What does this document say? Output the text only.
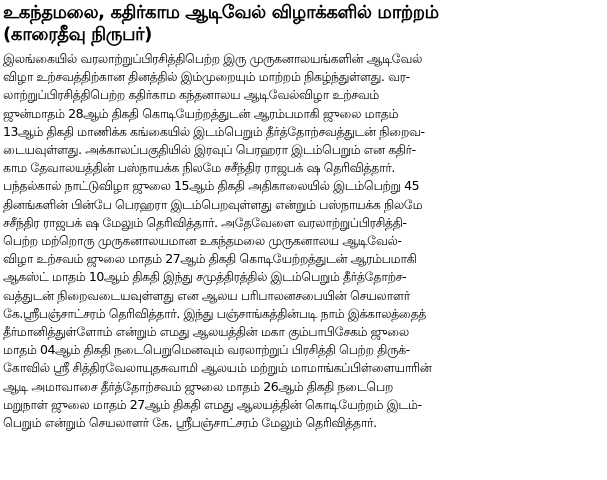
உகந்தமலை, கதிர்காம ஆடிவேல் விழாக்களில் மாற்றம்
(காரைதீவு நிருபர்)
இலங்கையில் வரலாற்றுப்பிரசித்திபெற்ற இரு முருகனாலயங்களின் ஆடிவேல்
விழா உற்சவத்திற்கான தினத்தில் இம்முறையும் மாற்றம் நிகழ்ந்துள்ளது. வர-
லாற்றுப்பிரசித்திபெற்ற கதிர்காம கந்தனாலய ஆடிவேல்விழா உற்சவம்
ஜுன்மாதம் 28ஆம் திகதி கொடியேற்றத்துடன் ஆரம்பமாகி ஜுலை மாதம்
13ஆம் திகதி மாணிக்க கங்கையில் இடம்பெறும் தீர்த்தோற்சவத்துடன் நிறைவ-
டையவுள்ளது. அக்காலப்பகுதியில் இரவுப் பெரஹரா இடம்பெறும் என கதிர்-
காம தேவாலயத்தின் பஸ்நாயக்க நிலமே சசீந்திர ராஜபக் ஷ தெரிவித்தார்.
பந்தல்கால் நாட்டுவிழா ஜுலை 15ஆம் திகதி அதிகாலையில் இடம்பெற்று 45
தினங்களின் பின்பே பெரஹரா இடம்பெறவுள்ளது என்றும் பஸ்நாயக்க நிலமே
சசீந்திர ராஜபக் ஷ மேலும் தெரிவித்தார். அதேவேளை வரலாற்றுப்பிரசித்தி-
பெற்ற மற்றொரு முருகனாலயமான உகந்தமலை முருகனாலய ஆடிவேல்-
விழா உற்சவம் ஜுலை மாதம் 27ஆம் திகதி கொடியேற்றத்துடன் ஆரம்பமாகி
ஆகஸ்ட் மாதம் 10ஆம் திகதி இந்து சமுத்திரத்தில் இடம்பெறும் தீர்த்தோற்ச-
வத்துடன் நிறைவடையவுள்ளது என ஆலய பரிபாலனசபையின் செயலாளர்
கே.ஸ்ரீபஞ்சாட்சரம் தெரிவித்தார். இந்து பஞ்சாங்கத்தின்படி நாம் இக்காலத்தைத்
தீர்மானித்துள்ளோம் என்றும் எமது ஆலயத்தின் மகா கும்பாபிசேகம் ஜுலை
மாதம் 04ஆம் திகதி நடைபெறுமெனவும் வரலாற்றுப் பிரசித்தி பெற்ற திருக்-
கோவில் ஸ்ரீ சித்திரவேலாயுதசுவாமி ஆலயம் மற்றும் மாமாங்கப்பிள்ளையாரின்
ஆடி அமாவாசை தீர்த்தோற்சவம் ஜுலை மாதம் 26ஆம் திகதி நடைபெற
மறுநாள் ஜுலை மாதம் 27ஆம் திகதி எமது ஆலயத்தின் கொடியேற்றம் இடம்-
பெறும் என்றும் செயலாளர் கே. ஸ்ரீபஞ்சாட்சரம் மேலும் தெரிவித்தார்.
